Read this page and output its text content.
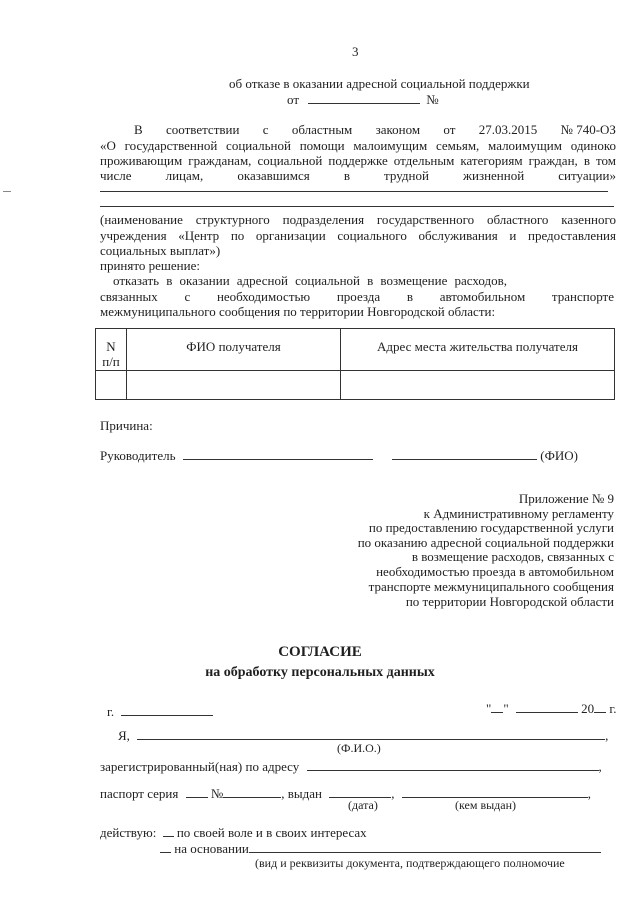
3
об отказе в оказании адресной социальной поддержки
от	№
В соответствии с областным законом от 27.03.2015 № 740-ОЗ
«О государственной социальной помощи малоимущим семьям, малоимущим одиноко
проживающим гражданам, социальной поддержке отдельным категориям граждан, в том
числе	лицам,	оказавшимся	в	трудной	жизненной	ситуации»
(наименование структурного подразделения государственного областного казенного
учреждения «Центр по организации социального обслуживания и предоставления
социальных выплат»)
принято решение:
отказать в оказании адресной социальной в возмещение расходов,
связанных с необходимостью проезда в автомобильном транспорте
межмуниципального сообщения по территории Новгородской области:
N
п/п	ФИО получателя	Адрес места жительства получателя

Причина:
Руководитель	(ФИО)
Приложение № 9
к Административному регламенту
по предоставлению государственной услуги
по оказанию адресной социальной поддержки
в возмещение расходов, связанных с
необходимостью проезда в автомобильном
транспорте межмуниципального сообщения
по территории Новгородской области
СОГЛАСИЕ
на обработку персональных данных
г.	" "	20 г.
Я,	,
(Ф.И.О.)
зарегистрированный(ная) по адресу	,
паспорт серия	№	, выдан	,	,
(дата)	(кем выдан)
действую: по своей воле и в своих интересах
на основании
(вид и реквизиты документа, подтверждающего полномочие
